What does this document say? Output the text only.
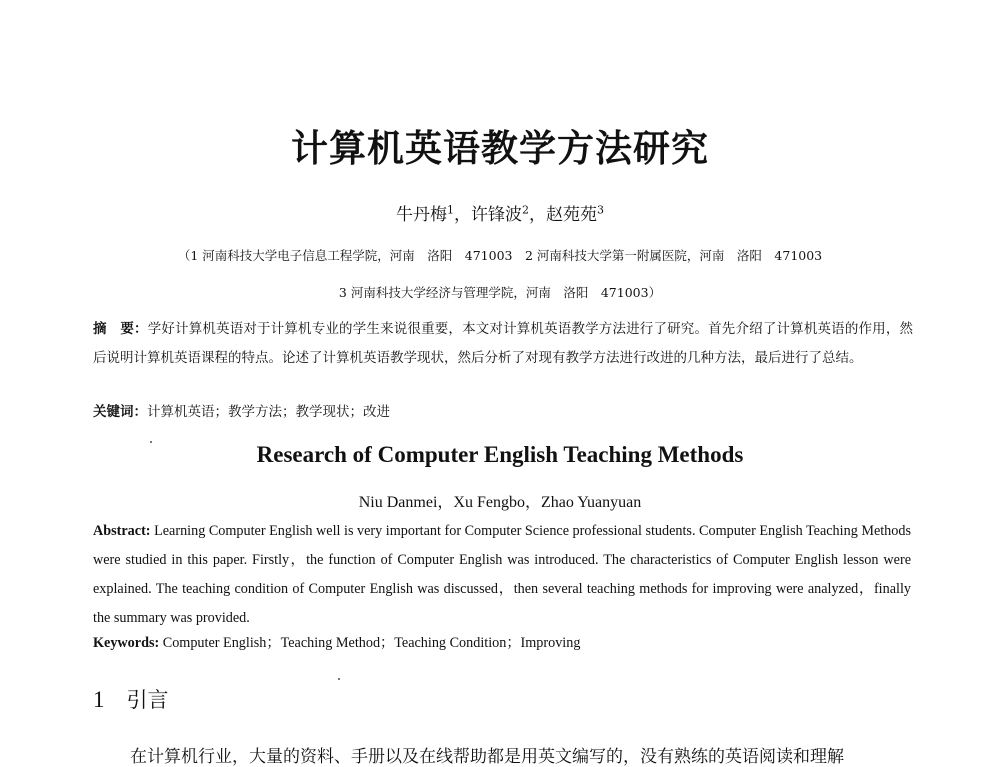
计算机英语教学方法研究
牛丹梅$^1$，许锋波$^2$，赵苑苑$^3$
（1 河南科技大学电子信息工程学院，河南　洛阳　471003　2 河南科技大学第一附属医院，河南　洛阳　471003
3 河南科技大学经济与管理学院，河南　洛阳　471003）
摘　要：学好计算机英语对于计算机专业的学生来说很重要，本文对计算机英语教学方法进行了研究。首先介绍了计算机英语的作用，然后说明计算机英语课程的特点。论述了计算机英语教学现状，然后分析了对现有教学方法进行改进的几种方法，最后进行了总结。
关键词：计算机英语；教学方法；教学现状；改进
Research of Computer English Teaching Methods
Niu Danmei，Xu Fengbo，Zhao Yuanyuan
Abstract: Learning Computer English well is very important for Computer Science professional students. Computer English Teaching Methods were studied in this paper. Firstly，the function of Computer English was introduced. The characteristics of Computer English lesson were explained. The teaching condition of Computer English was discussed，then several teaching methods for improving were analyzed，finally the summary was provided.
Keywords: Computer English；Teaching Method；Teaching Condition；Improving
1 引言
在计算机行业，大量的资料、手册以及在线帮助都是用英文编写的，没有熟练的英语阅读和理解
